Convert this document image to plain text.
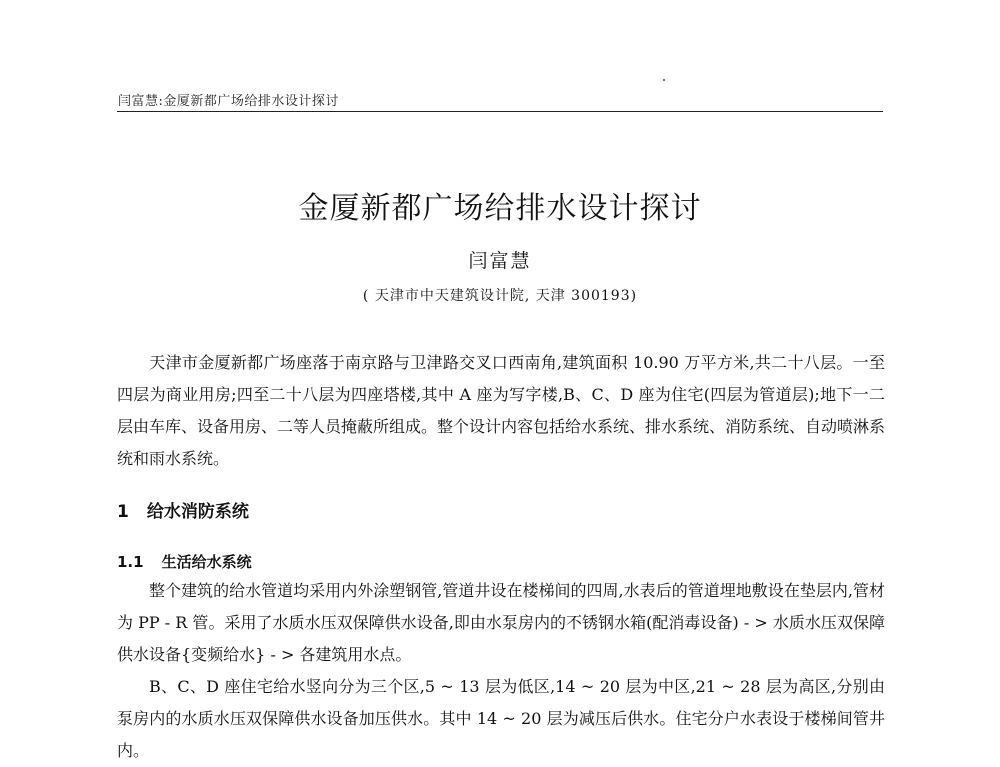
闫富慧:金厦新都广场给排水设计探讨
金厦新都广场给排水设计探讨
闫富慧
( 天津市中天建筑设计院, 天津 300193)

天津市金厦新都广场座落于南京路与卫津路交叉口西南角,建筑面积 10.90 万平方米,共二十八层。一至四层为商业用房;四至二十八层为四座塔楼,其中 A 座为写字楼,B、C、D 座为住宅(四层为管道层);地下一二层由车库、设备用房、二等人员掩蔽所组成。整个设计内容包括给水系统、排水系统、消防系统、自动喷淋系统和雨水系统。

1 给水消防系统
1.1 生活给水系统

整个建筑的给水管道均采用内外涂塑钢管,管道井设在楼梯间的四周,水表后的管道埋地敷设在垫层内,管材为 PP - R 管。采用了水质水压双保障供水设备,即由水泵房内的不锈钢水箱(配消毒设备) - > 水质水压双保障供水设备{变频给水} - > 各建筑用水点。

B、C、D 座住宅给水竖向分为三个区,5 ~ 13 层为低区,14 ~ 20 层为中区,21 ~ 28 层为高区,分别由泵房内的水质水压双保障供水设备加压供水。其中 14 ~ 20 层为减压后供水。住宅分户水表设于楼梯间管井内。
